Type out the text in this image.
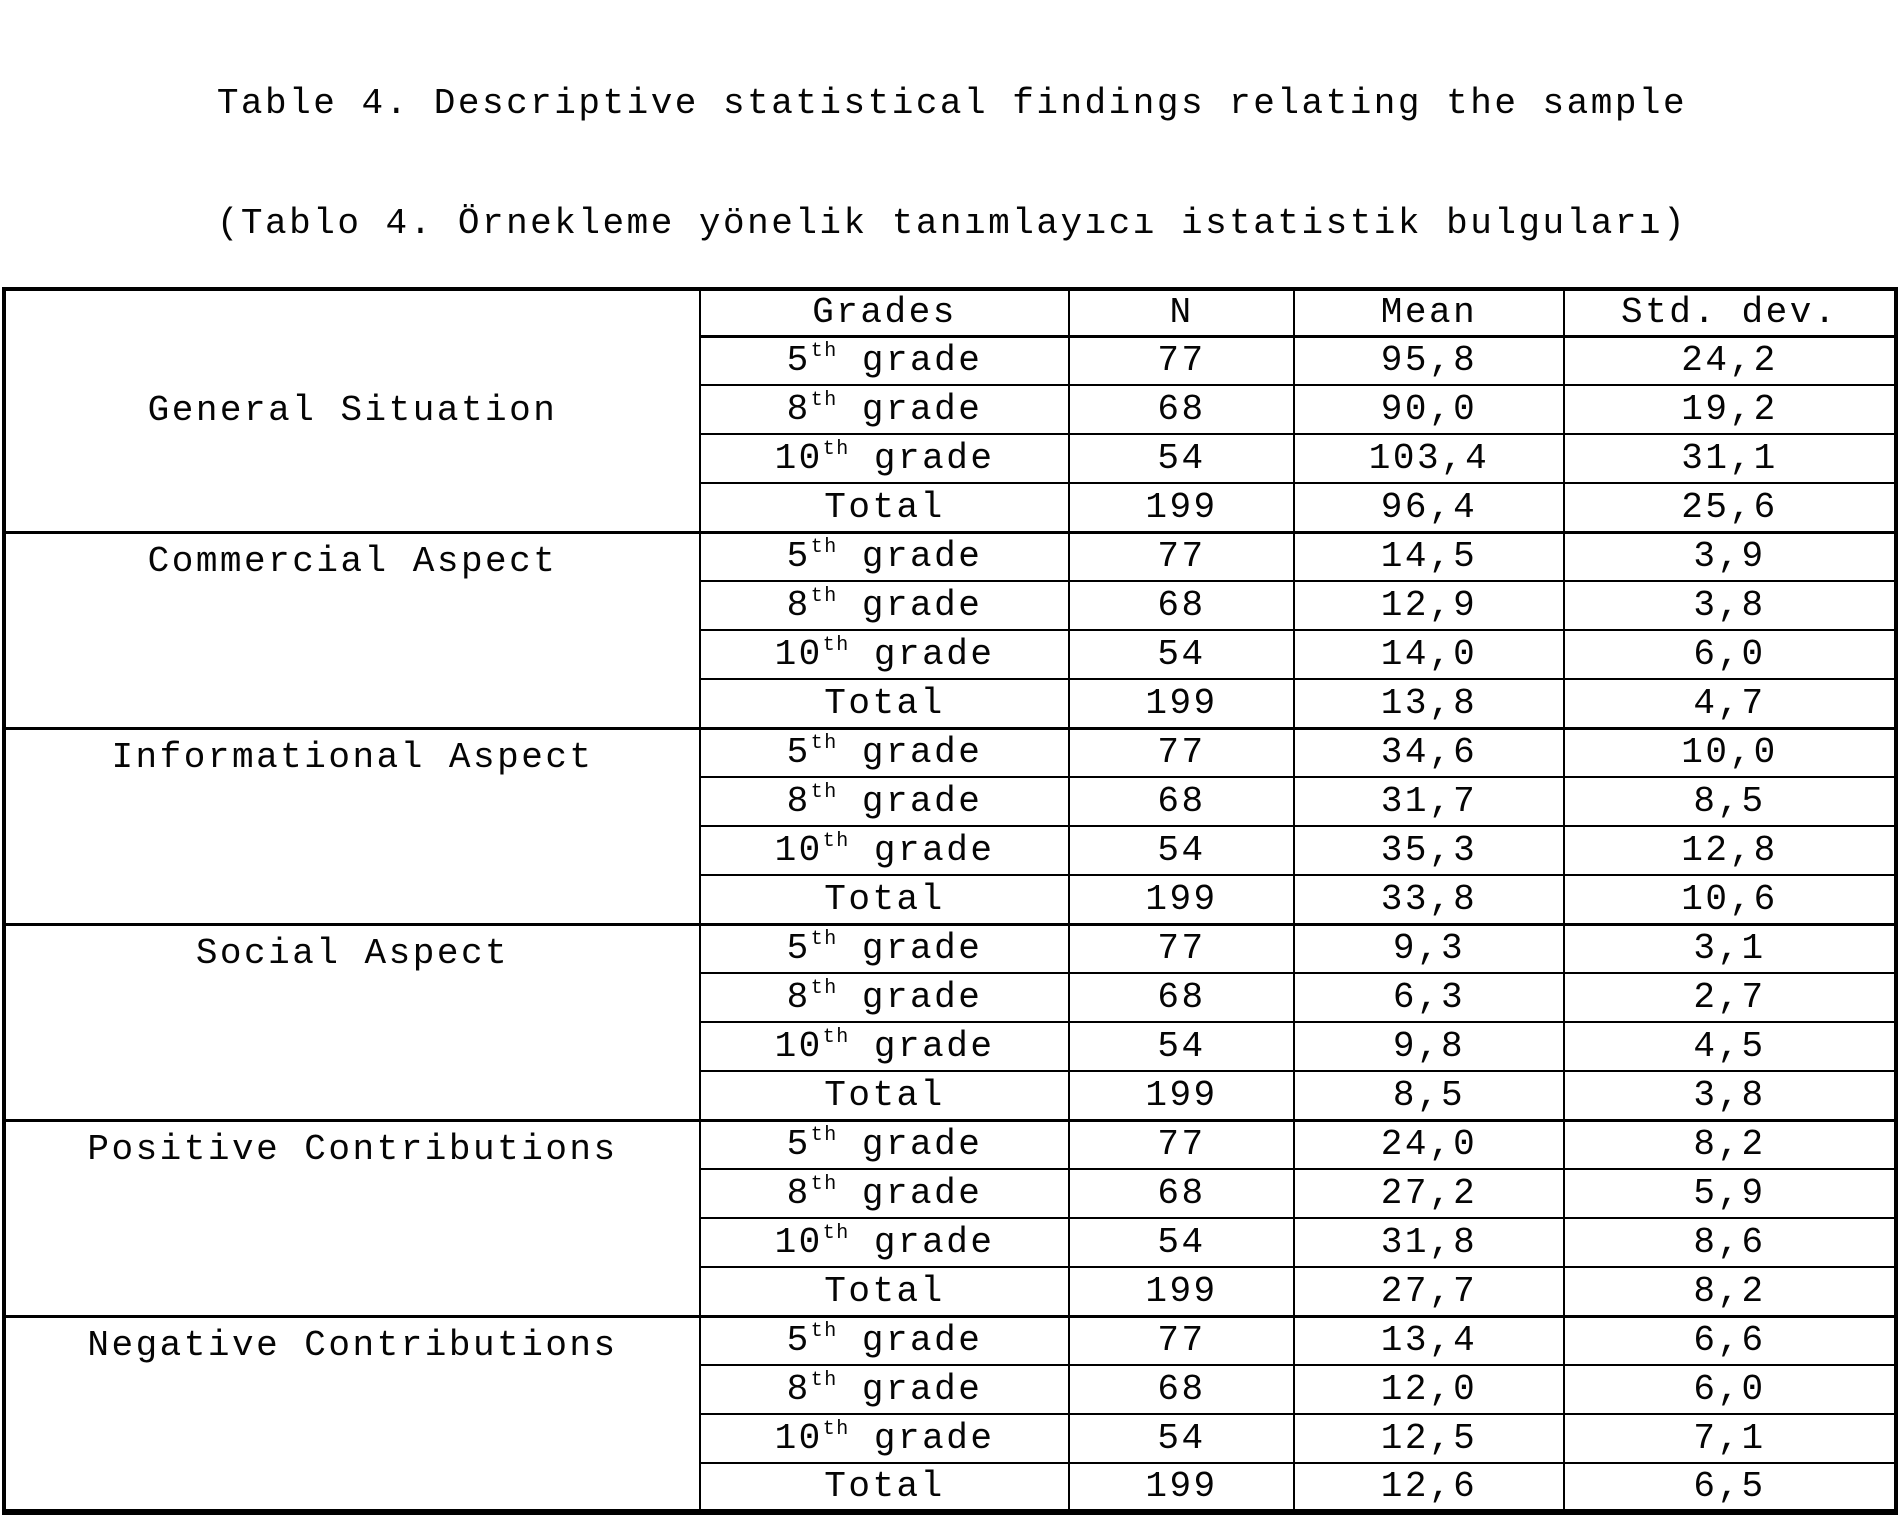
Table 4. Descriptive statistical findings relating the sample

(Tablo 4. Örnekleme yönelik tanımlayıcı istatistik bulguları)

General Situation	Grades	N	Mean	Std. dev.
	5th grade	77	95,8	24,2
	8th grade	68	90,0	19,2
	10th grade	54	103,4	31,1
	Total	199	96,4	25,6
Commercial Aspect	5th grade	77	14,5	3,9
	8th grade	68	12,9	3,8
	10th grade	54	14,0	6,0
	Total	199	13,8	4,7
Informational Aspect	5th grade	77	34,6	10,0
	8th grade	68	31,7	8,5
	10th grade	54	35,3	12,8
	Total	199	33,8	10,6
Social Aspect	5th grade	77	9,3	3,1
	8th grade	68	6,3	2,7
	10th grade	54	9,8	4,5
	Total	199	8,5	3,8
Positive Contributions	5th grade	77	24,0	8,2
	8th grade	68	27,2	5,9
	10th grade	54	31,8	8,6
	Total	199	27,7	8,2
Negative Contributions	5th grade	77	13,4	6,6
	8th grade	68	12,0	6,0
	10th grade	54	12,5	7,1
	Total	199	12,6	6,5
